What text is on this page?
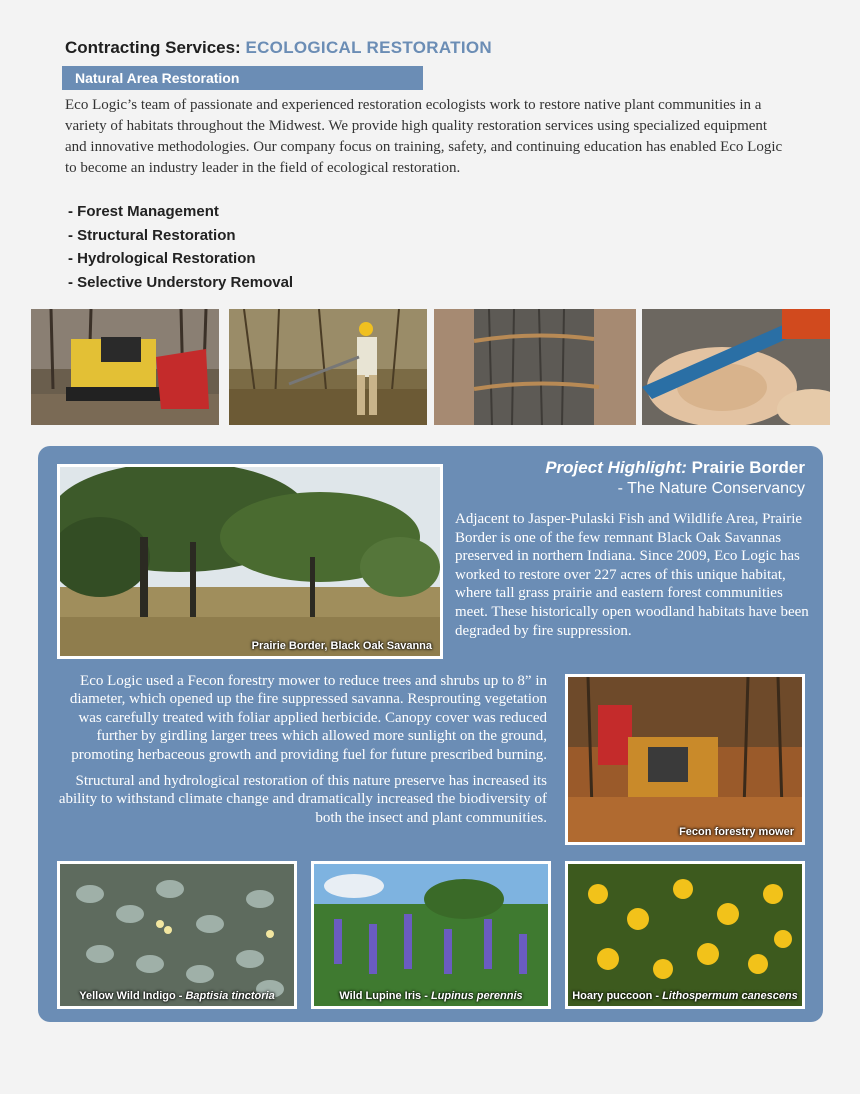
Contracting Services: ECOLOGICAL RESTORATION
Natural Area Restoration
Eco Logic’s team of passionate and experienced restoration ecologists work to restore native plant communities in a variety of habitats throughout the Midwest. We provide high quality restoration services using specialized equipment and innovative methodologies. Our company focus on training, safety, and continuing education has enabled Eco Logic to become an industry leader in the field of ecological restoration.
- Forest Management
- Structural Restoration
- Hydrological Restoration
- Selective Understory Removal
Prairie Border, Black Oak Savanna
Project Highlight: Prairie Border
- The Nature Conservancy
Adjacent to Jasper-Pulaski Fish and Wildlife Area, Prairie Border is one of the few remnant Black Oak Savannas preserved in northern Indiana. Since 2009, Eco Logic has worked to restore over 227 acres of this unique habitat, where tall grass prairie and eastern forest communities meet. These historically open woodland habitats have been degraded by fire suppression.

Eco Logic used a Fecon forestry mower to reduce trees and shrubs up to 8” in diameter, which opened up the fire suppressed savanna. Resprouting vegetation was carefully treated with foliar applied herbicide. Canopy cover was reduced further by girdling larger trees which allowed more sunlight on the ground, promoting herbaceous growth and providing fuel for future prescribed burning.

Structural and hydrological restoration of this nature preserve has increased its ability to withstand climate change and dramatically increased the biodiversity of both the insect and plant communities.

Fecon forestry mower
Yellow Wild Indigo - Baptisia tinctoria	Wild Lupine Iris - Lupinus perennis	Hoary puccoon - Lithospermum canescens
